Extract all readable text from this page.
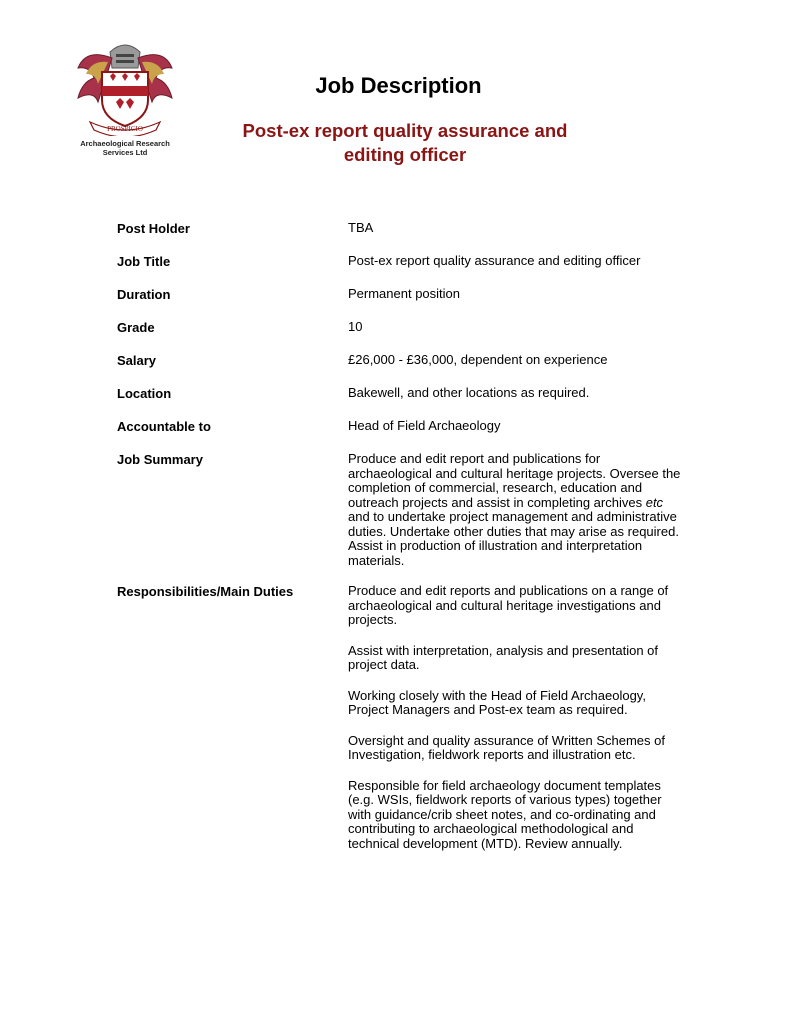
PROSPICIO
Archaeological Research
Services Ltd
Job Description
Post-ex report quality assurance and
editing officer
Post Holder	TBA
Job Title	Post-ex report quality assurance and editing officer
Duration	Permanent position
Grade	10
Salary	£26,000 - £36,000, dependent on experience
Location	Bakewell, and other locations as required.
Accountable to	Head of Field Archaeology
Job Summary	Produce and edit report and publications for archaeological and cultural heritage projects. Oversee the completion of commercial, research, education and outreach projects and assist in completing archives etc and to undertake project management and administrative duties. Undertake other duties that may arise as required. Assist in production of illustration and interpretation materials.
Responsibilities/Main Duties	Produce and edit reports and publications on a range of archaeological and cultural heritage investigations and projects.

Assist with interpretation, analysis and presentation of project data.

Working closely with the Head of Field Archaeology, Project Managers and Post-ex team as required.

Oversight and quality assurance of Written Schemes of Investigation, fieldwork reports and illustration etc.

Responsible for field archaeology document templates (e.g. WSIs, fieldwork reports of various types) together with guidance/crib sheet notes, and co-ordinating and contributing to archaeological methodological and technical development (MTD). Review annually.
